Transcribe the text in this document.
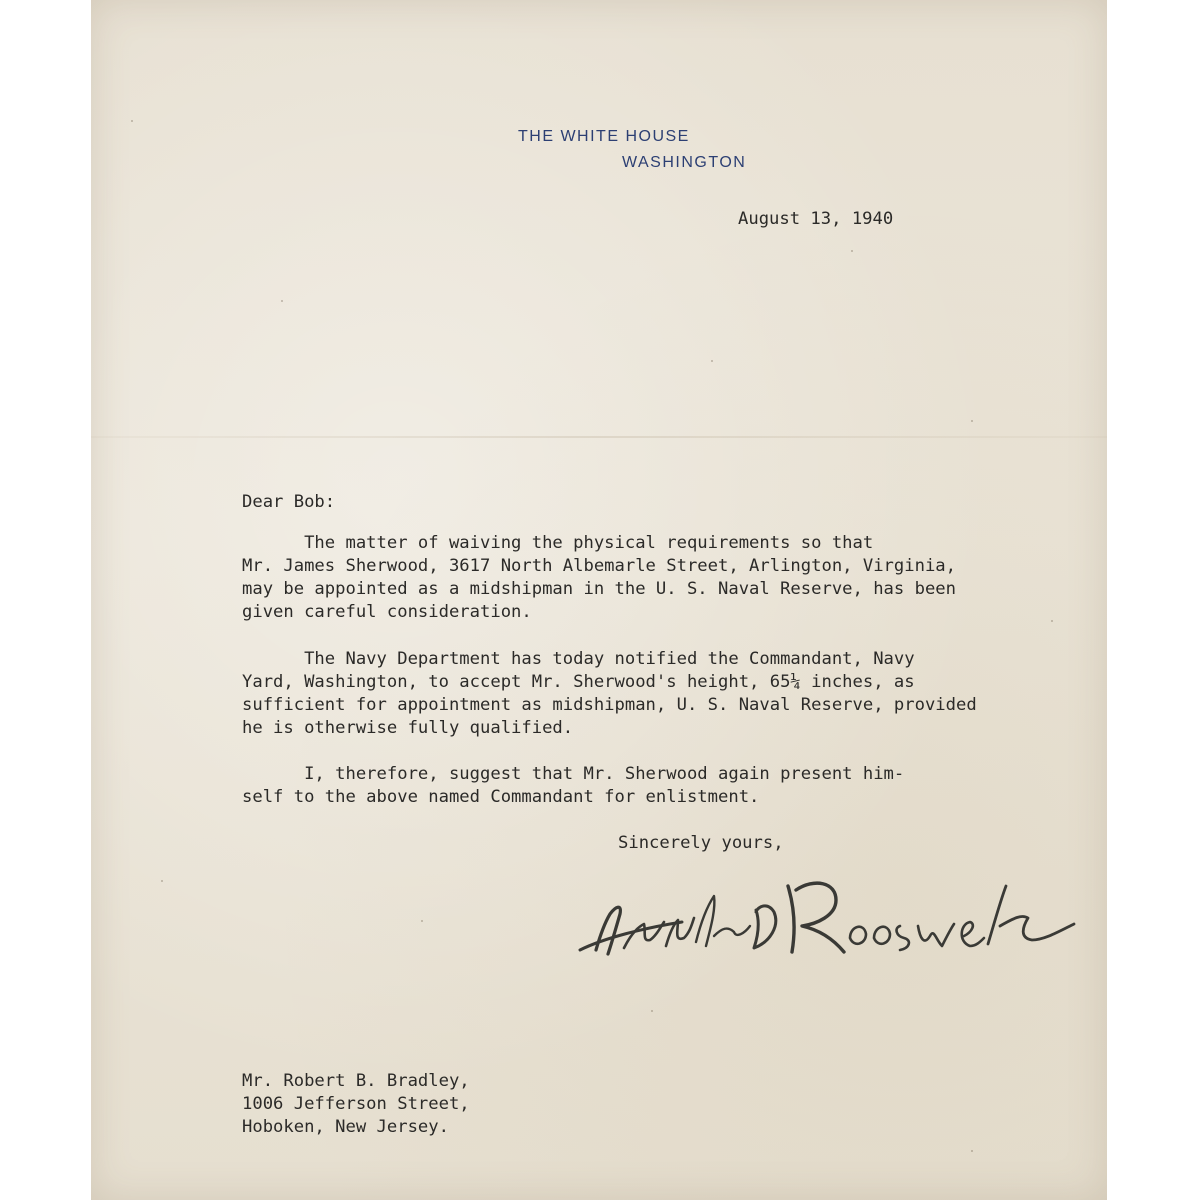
THE WHITE HOUSE
WASHINGTON
August 13, 1940
Dear Bob:
The matter of waiving the physical requirements so that
Mr. James Sherwood, 3617 North Albemarle Street, Arlington, Virginia,
may be appointed as a midshipman in the U. S. Naval Reserve, has been
given careful consideration.
The Navy Department has today notified the Commandant, Navy
Yard, Washington, to accept Mr. Sherwood's height, 65¼ inches, as
sufficient for appointment as midshipman, U. S. Naval Reserve, provided
he is otherwise fully qualified.
I, therefore, suggest that Mr. Sherwood again present him-
self to the above named Commandant for enlistment.
Sincerely yours,
Mr. Robert B. Bradley,
1006 Jefferson Street,
Hoboken, New Jersey.
